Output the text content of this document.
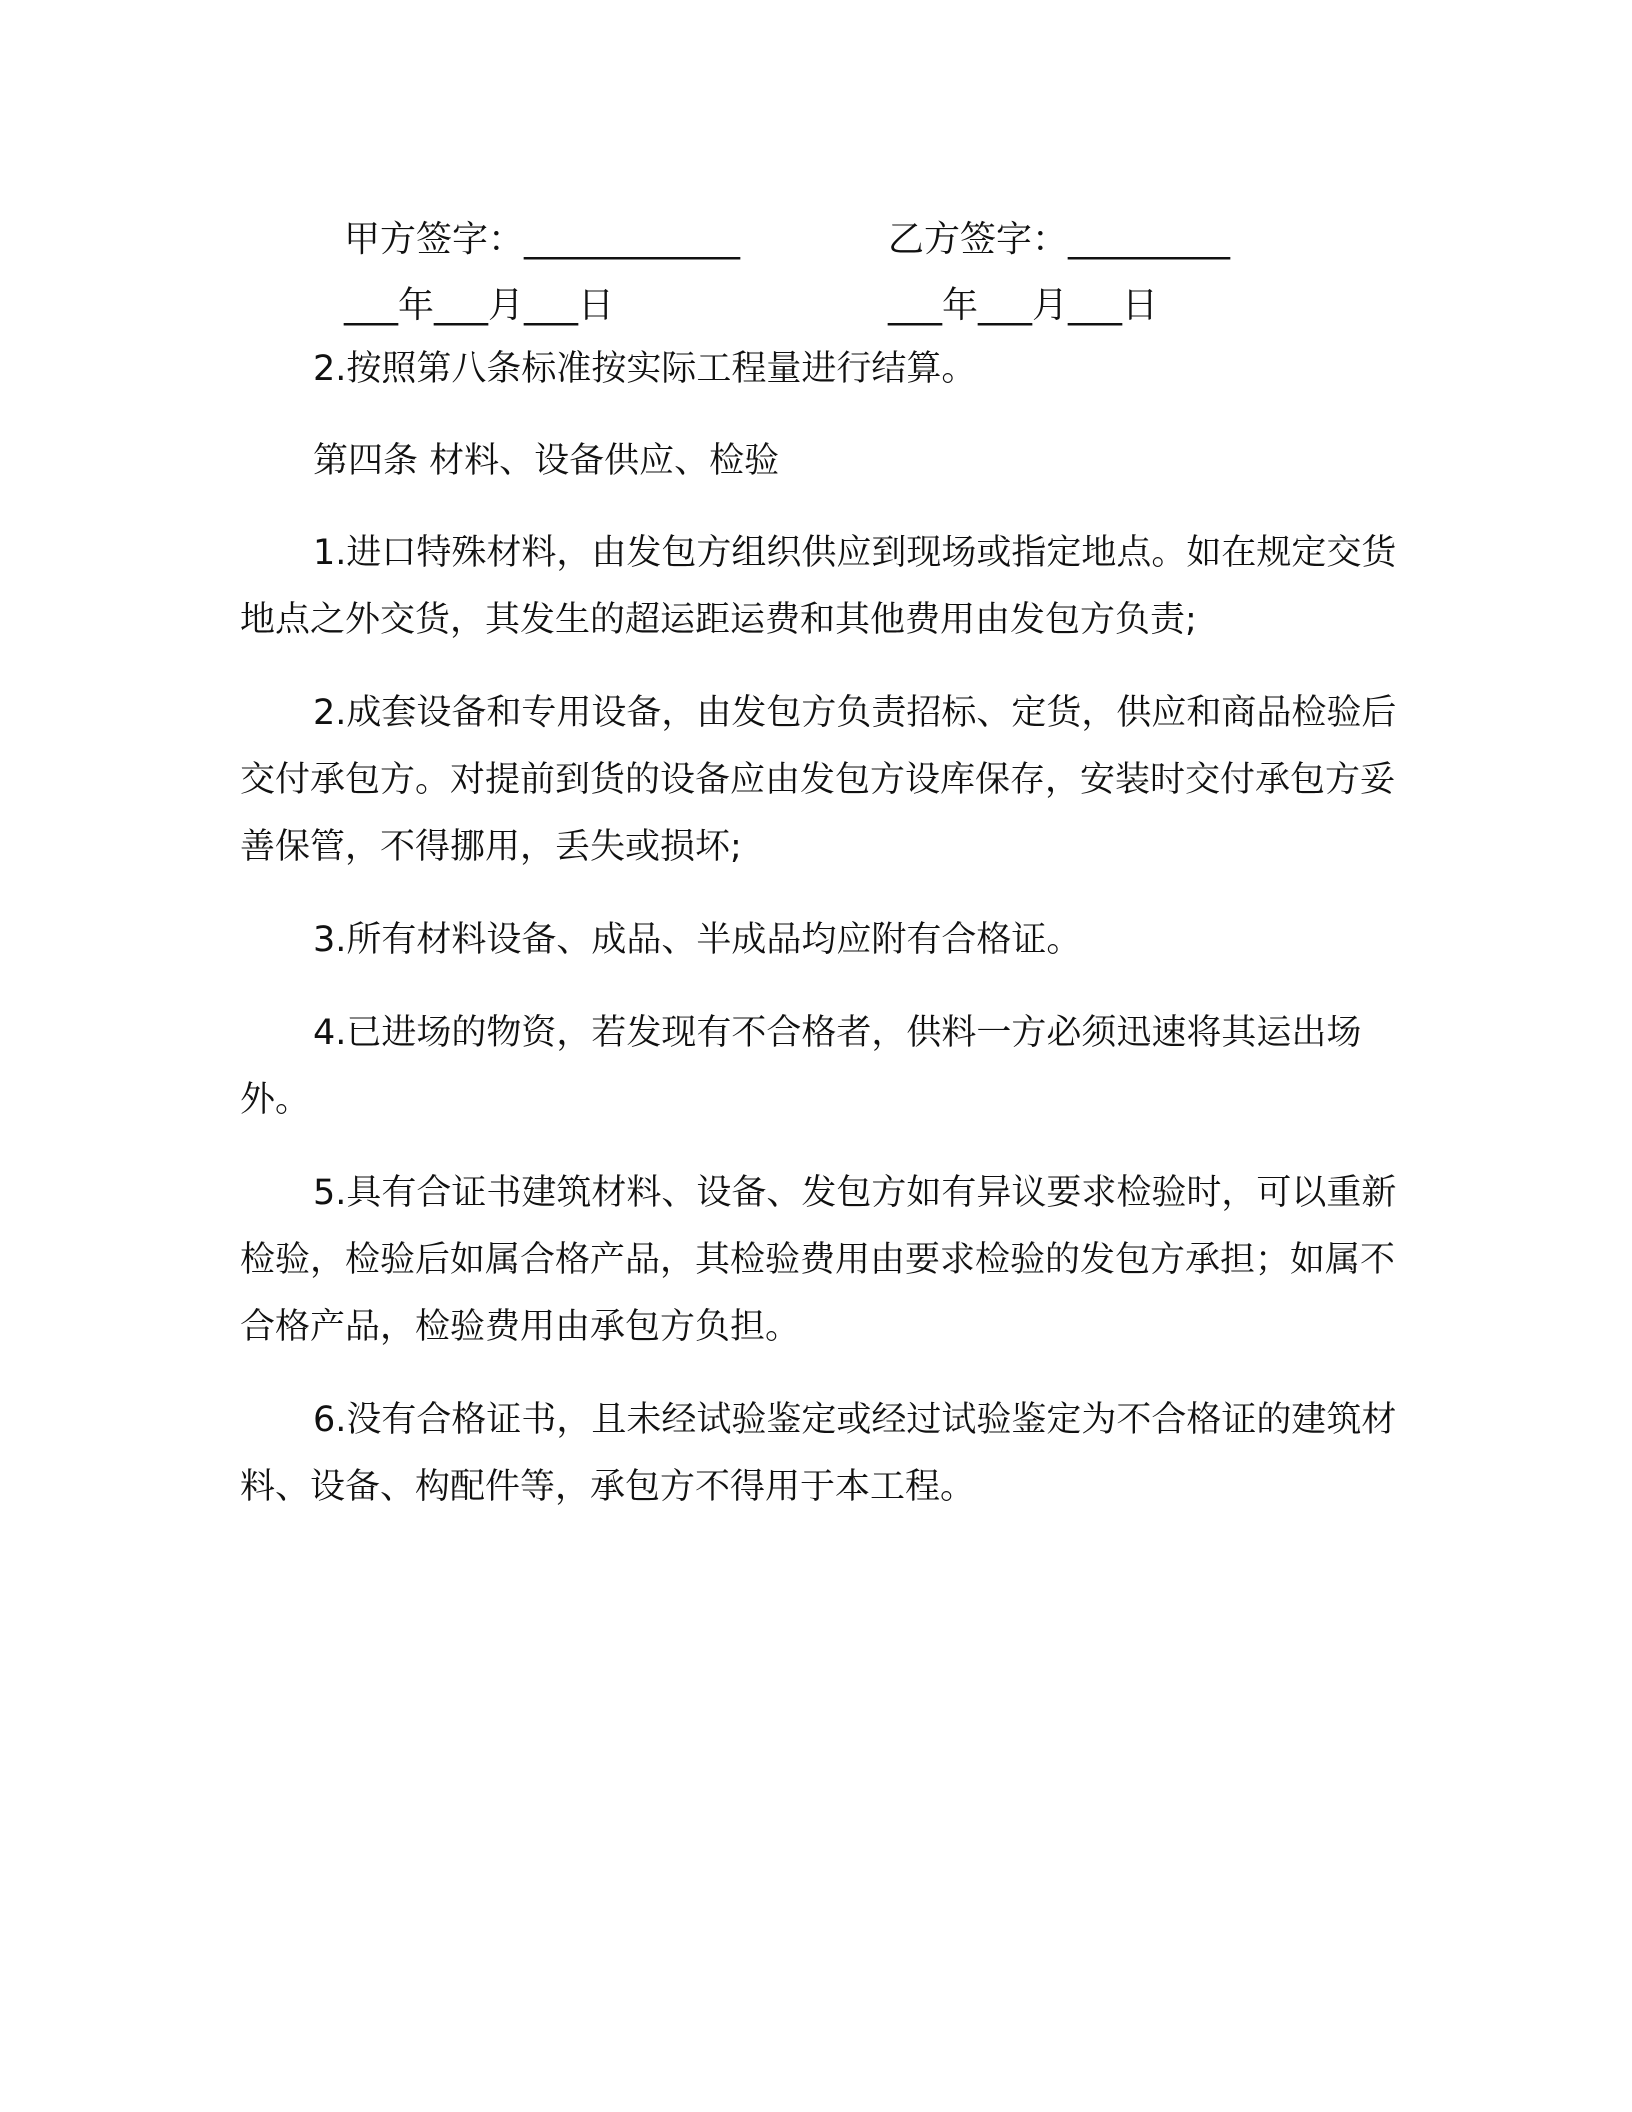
甲方签字：____________	乙方签字：_________
___年___月___日	___年___月___日

2.按照第八条标准按实际工程量进行结算。

第四条 材料、设备供应、检验

1.进口特殊材料，由发包方组织供应到现场或指定地点。如在规定交货地点之外交货，其发生的超运距运费和其他费用由发包方负责;

2.成套设备和专用设备，由发包方负责招标、定货，供应和商品检验后交付承包方。对提前到货的设备应由发包方设库保存，安装时交付承包方妥善保管，不得挪用，丢失或损坏;

3.所有材料设备、成品、半成品均应附有合格证。

4.已进场的物资，若发现有不合格者，供料一方必须迅速将其运出场外。

5.具有合证书建筑材料、设备、发包方如有异议要求检验时，可以重新检验，检验后如属合格产品，其检验费用由要求检验的发包方承担；如属不合格产品，检验费用由承包方负担。

6.没有合格证书，且未经试验鉴定或经过试验鉴定为不合格证的建筑材料、设备、构配件等，承包方不得用于本工程。
